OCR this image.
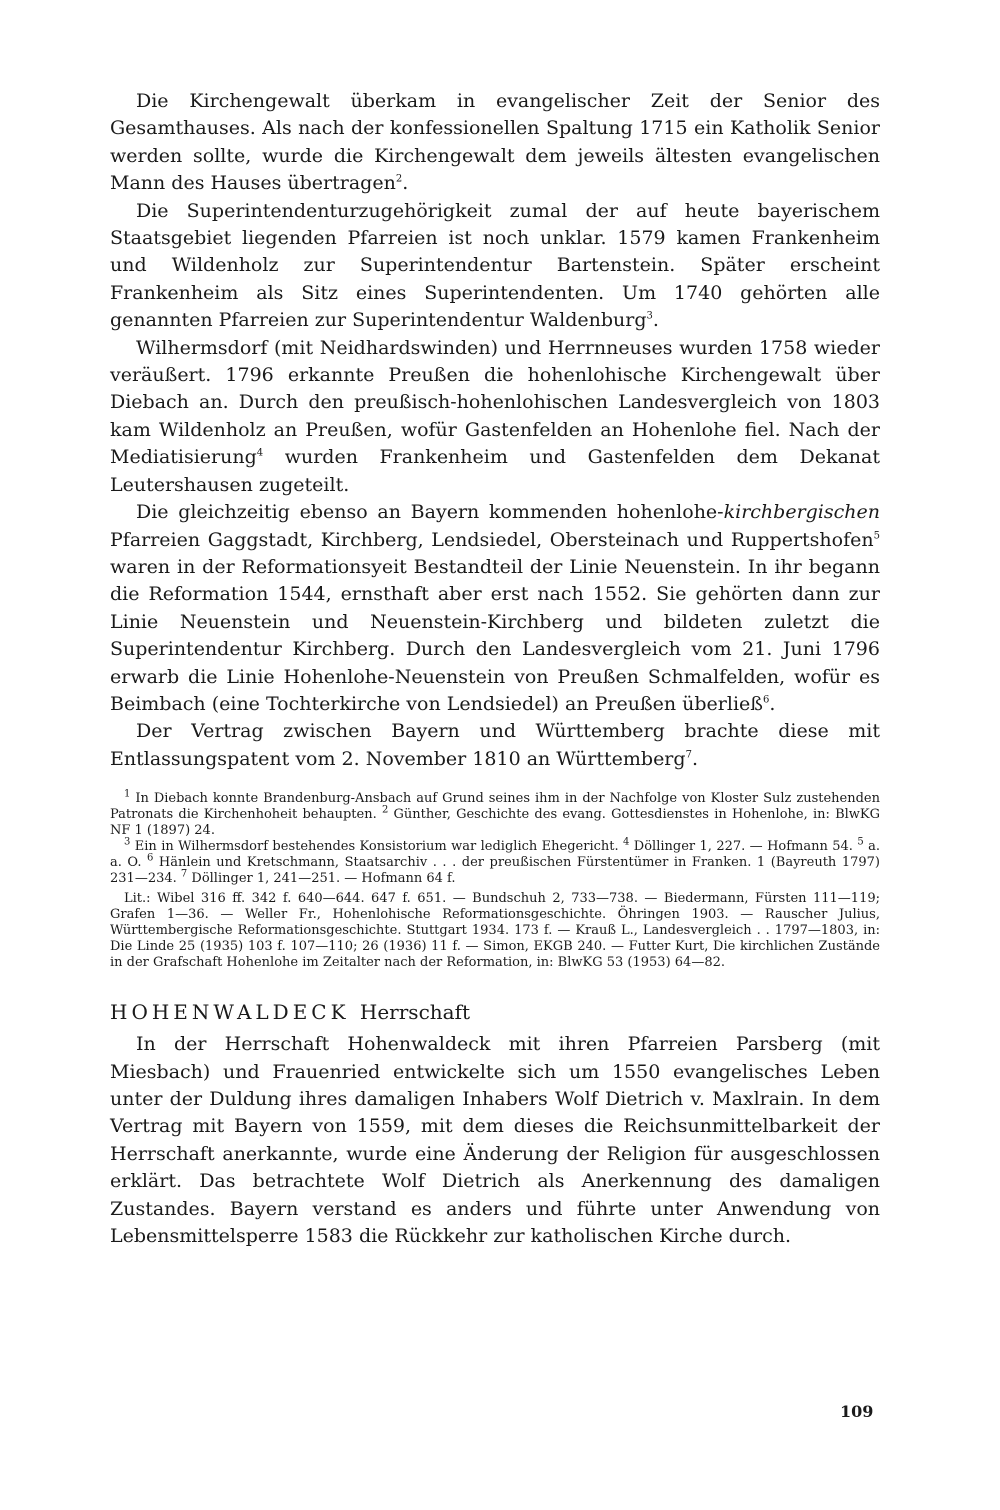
Die Kirchengewalt überkam in evangelischer Zeit der Senior des Gesamthauses. Als nach der konfessionellen Spaltung 1715 ein Katholik Senior werden sollte, wurde die Kirchengewalt dem jeweils ältesten evangelischen Mann des Hauses übertragen$^2$.

Die Superintendenturzugehörigkeit zumal der auf heute bayerischem Staatsgebiet liegenden Pfarreien ist noch unklar. 1579 kamen Frankenheim und Wildenholz zur Superintendentur Bartenstein. Später erscheint Frankenheim als Sitz eines Superintendenten. Um 1740 gehörten alle genannten Pfarreien zur Superintendentur Waldenburg$^3$.

Wilhermsdorf (mit Neidhardswinden) und Herrnneuses wurden 1758 wieder veräußert. 1796 erkannte Preußen die hohenlohische Kirchengewalt über Diebach an. Durch den preußisch-hohenlohischen Landesvergleich von 1803 kam Wildenholz an Preußen, wofür Gastenfelden an Hohenlohe fiel. Nach der Mediatisierung$^4$ wurden Frankenheim und Gastenfelden dem Dekanat Leutershausen zugeteilt.

Die gleichzeitig ebenso an Bayern kommenden hohenlohe-kirchbergischen Pfarreien Gaggstadt, Kirchberg, Lendsiedel, Obersteinach und Ruppertshofen$^5$ waren in der Reformationsyeit Bestandteil der Linie Neuenstein. In ihr begann die Reformation 1544, ernsthaft aber erst nach 1552. Sie gehörten dann zur Linie Neuenstein und Neuenstein-Kirchberg und bildeten zuletzt die Superintendentur Kirchberg. Durch den Landesvergleich vom 21. Juni 1796 erwarb die Linie Hohenlohe-Neuenstein von Preußen Schmalfelden, wofür es Beimbach (eine Tochterkirche von Lendsiedel) an Preußen überließ$^6$.

Der Vertrag zwischen Bayern und Württemberg brachte diese mit Entlassungspatent vom 2. November 1810 an Württemberg$^7$.

$^1$ In Diebach konnte Brandenburg-Ansbach auf Grund seines ihm in der Nachfolge von Kloster Sulz zustehenden Patronats die Kirchenhoheit behaupten. $^2$ Günther, Geschichte des evang. Gottesdienstes in Hohenlohe, in: BlwKG NF 1 (1897) 24.

$^3$ Ein in Wilhermsdorf bestehendes Konsistorium war lediglich Ehegericht. $^4$ Döllinger 1, 227. — Hofmann 54. $^5$ a. a. O. $^6$ Hänlein und Kretschmann, Staatsarchiv . . . der preußischen Fürstentümer in Franken. 1 (Bayreuth 1797) 231—234. $^7$ Döllinger 1, 241—251. — Hofmann 64 f.

Lit.: Wibel 316 ff. 342 f. 640—644. 647 f. 651. — Bundschuh 2, 733—738. — Biedermann, Fürsten 111—119; Grafen 1—36. — Weller Fr., Hohenlohische Reformationsgeschichte. Öhringen 1903. — Rauscher Julius, Württembergische Reformationsgeschichte. Stuttgart 1934. 173 f. — Krauß L., Landesvergleich . . 1797—1803, in: Die Linde 25 (1935) 103 f. 107—110; 26 (1936) 11 f. — Simon, EKGB 240. — Futter Kurt, Die kirchlichen Zustände in der Grafschaft Hohenlohe im Zeitalter nach der Reformation, in: BlwKG 53 (1953) 64—82.

HOHENWALDECK Herrschaft

In der Herrschaft Hohenwaldeck mit ihren Pfarreien Parsberg (mit Miesbach) und Frauenried entwickelte sich um 1550 evangelisches Leben unter der Duldung ihres damaligen Inhabers Wolf Dietrich v. Maxlrain. In dem Vertrag mit Bayern von 1559, mit dem dieses die Reichsunmittelbarkeit der Herrschaft anerkannte, wurde eine Änderung der Religion für ausgeschlossen erklärt. Das betrachtete Wolf Dietrich als Anerkennung des damaligen Zustandes. Bayern verstand es anders und führte unter Anwendung von Lebensmittelsperre 1583 die Rückkehr zur katholischen Kirche durch.

109
